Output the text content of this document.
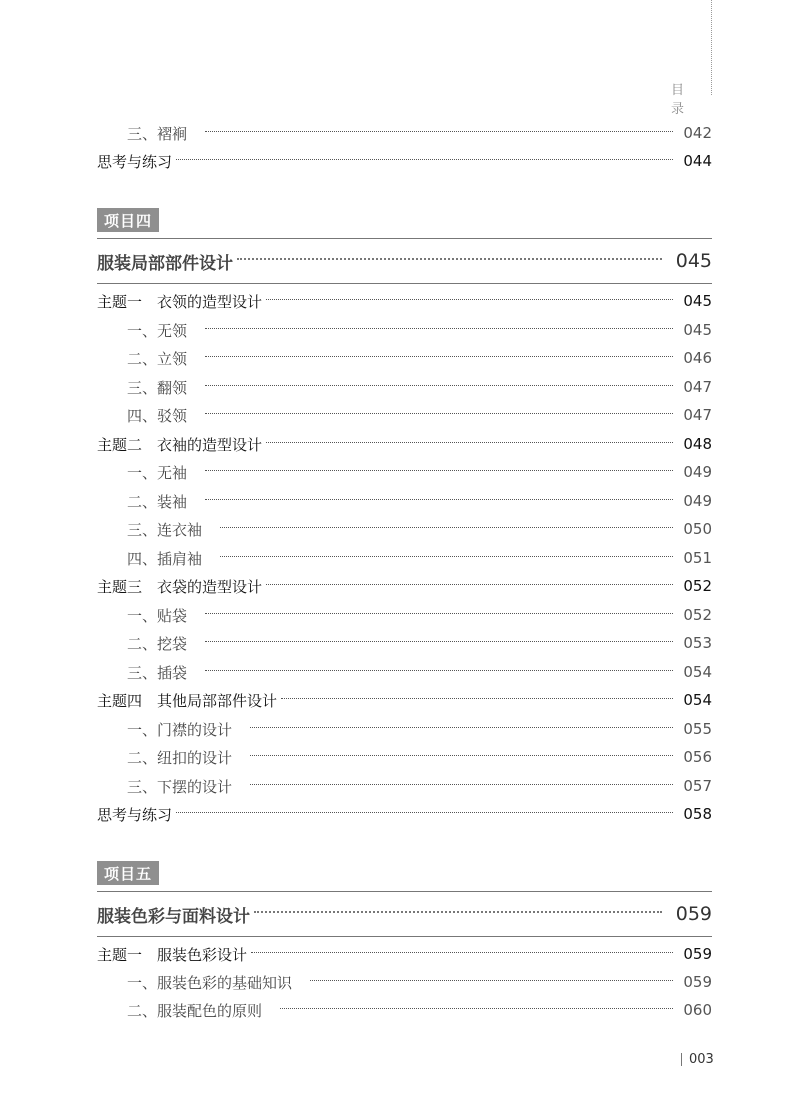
目 录
三、褶裥	042
思考与练习	044
项目四
服装局部部件设计	045
主题一　衣领的造型设计	045
一、无领	045
二、立领	046
三、翻领	047
四、驳领	047
主题二　衣袖的造型设计	048
一、无袖	049
二、装袖	049
三、连衣袖	050
四、插肩袖	051
主题三　衣袋的造型设计	052
一、贴袋	052
二、挖袋	053
三、插袋	054
主题四　其他局部部件设计	054
一、门襟的设计	055
二、纽扣的设计	056
三、下摆的设计	057
思考与练习	058
项目五
服装色彩与面料设计	059
主题一　服装色彩设计	059
一、服装色彩的基础知识	059
二、服装配色的原则	060
003
